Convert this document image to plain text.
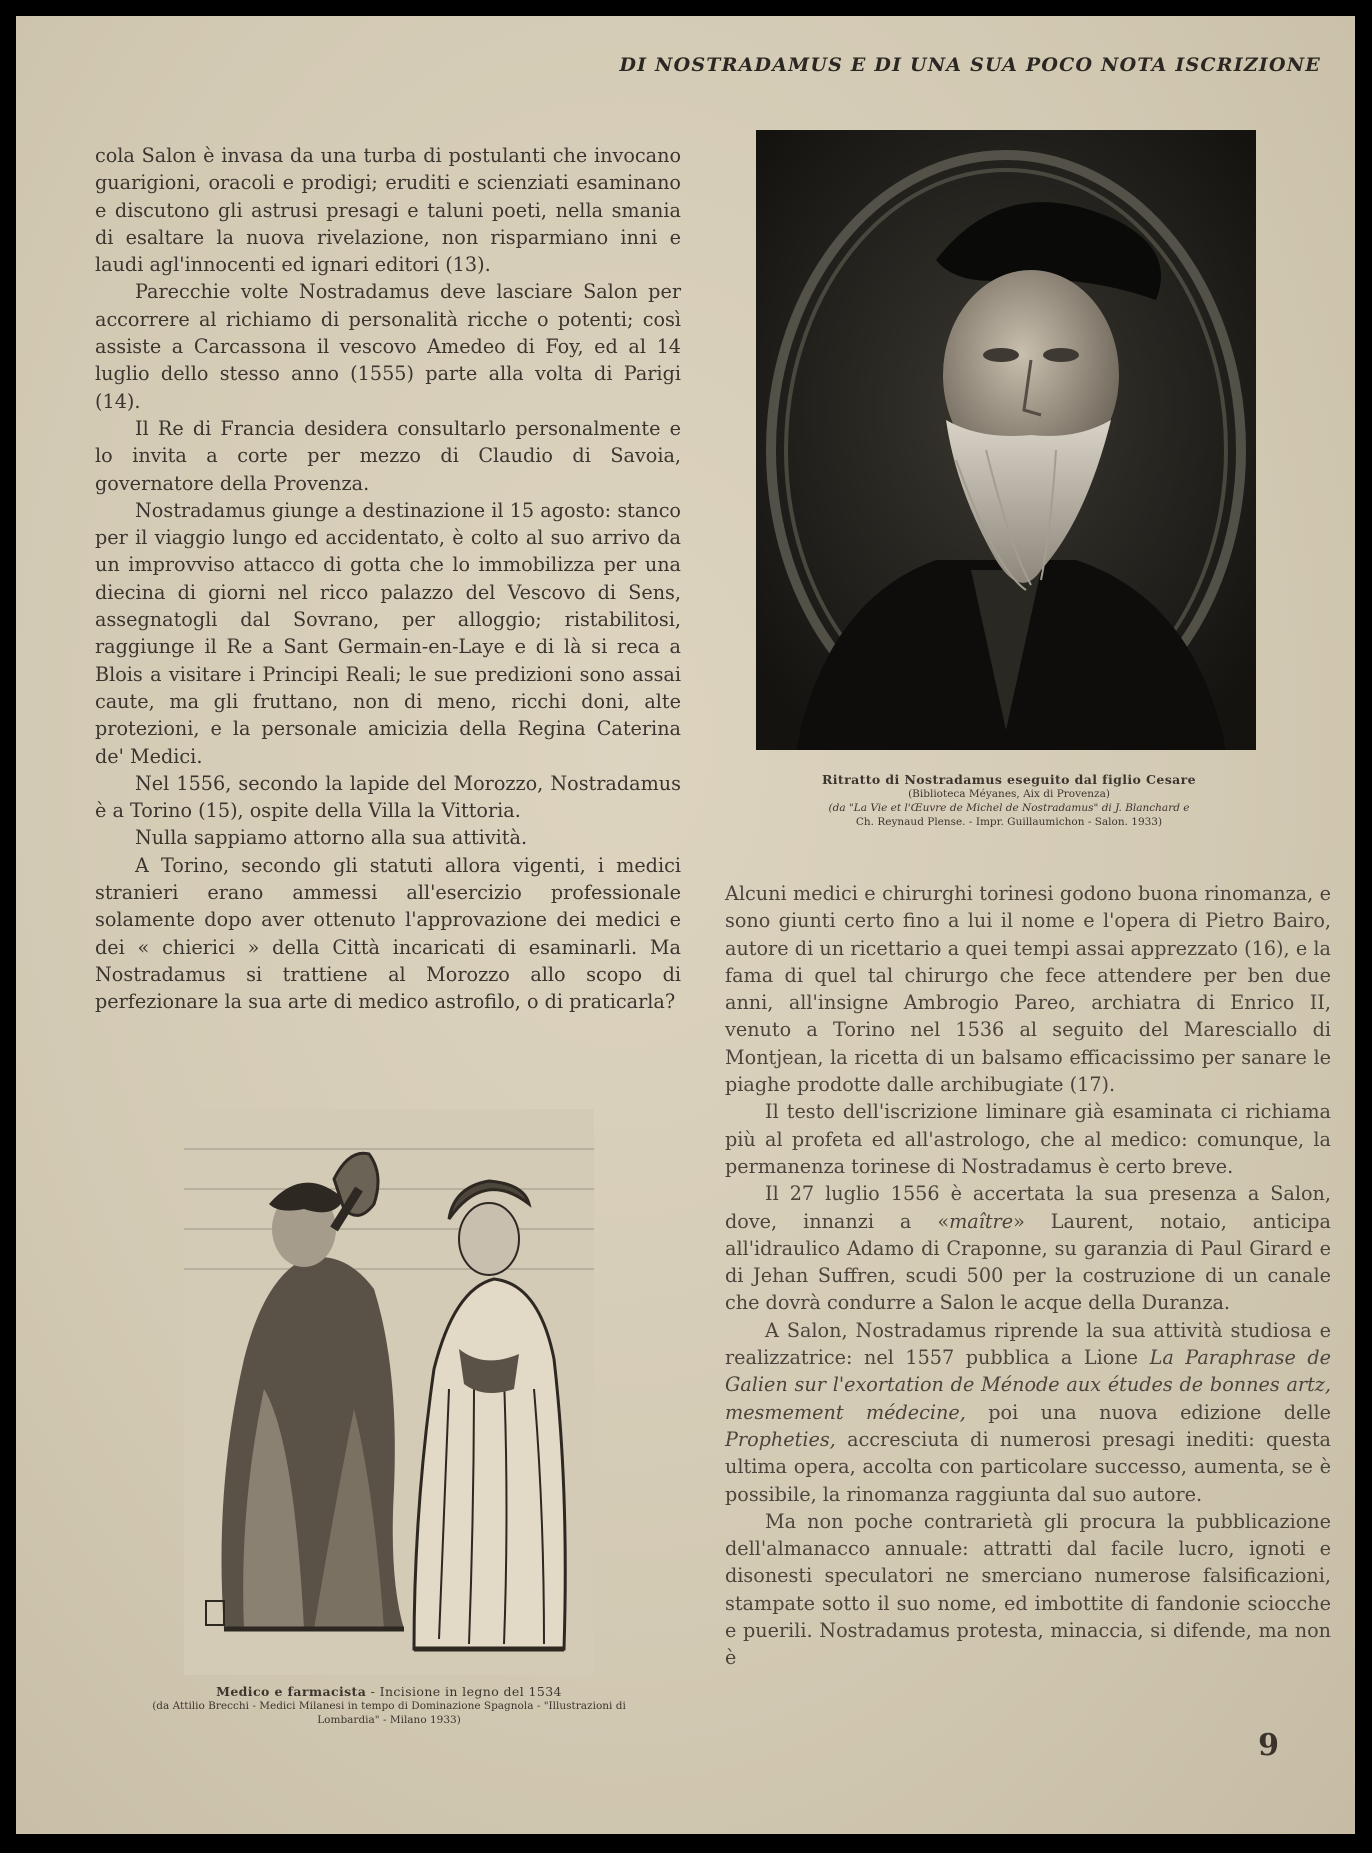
DI NOSTRADAMUS E DI UNA SUA POCO NOTA ISCRIZIONE

cola Salon è invasa da una turba di postulanti che invocano guarigioni, oracoli e prodigi; eruditi e scienziati esaminano e discutono gli astrusi presagi e taluni poeti, nella smania di esaltare la nuova rivelazione, non risparmiano inni e laudi agl'innocenti ed ignari editori (13).

Parecchie volte Nostradamus deve lasciare Salon per accorrere al richiamo di personalità ricche o potenti; così assiste a Carcassona il vescovo Amedeo di Foy, ed al 14 luglio dello stesso anno (1555) parte alla volta di Parigi (14).

Il Re di Francia desidera consultarlo personalmente e lo invita a corte per mezzo di Claudio di Savoia, governatore della Provenza.

Nostradamus giunge a destinazione il 15 agosto: stanco per il viaggio lungo ed accidentato, è colto al suo arrivo da un improvviso attacco di gotta che lo immobilizza per una diecina di giorni nel ricco palazzo del Vescovo di Sens, assegnatogli dal Sovrano, per alloggio; ristabilitosi, raggiunge il Re a Sant Germain-en-Laye e di là si reca a Blois a visitare i Principi Reali; le sue predizioni sono assai caute, ma gli fruttano, non di meno, ricchi doni, alte protezioni, e la personale amicizia della Regina Caterina de' Medici.

Nel 1556, secondo la lapide del Morozzo, Nostradamus è a Torino (15), ospite della Villa la Vittoria.

Nulla sappiamo attorno alla sua attività.

A Torino, secondo gli statuti allora vigenti, i medici stranieri erano ammessi all'esercizio professionale solamente dopo aver ottenuto l'approvazione dei medici e dei « chierici » della Città incaricati di esaminarli. Ma Nostradamus si trattiene al Morozzo allo scopo di perfezionare la sua arte di medico astrofilo, o di praticarla?

Ritratto di Nostradamus eseguito dal figlio Cesare
(Biblioteca Méyanes, Aix di Provenza)
(da "La Vie et l'Œuvre de Michel de Nostradamus" di J. Blanchard e
Ch. Reynaud Plense. - Impr. Guillaumichon - Salon. 1933)

Alcuni medici e chirurghi torinesi godono buona rinomanza, e sono giunti certo fino a lui il nome e l'opera di Pietro Bairo, autore di un ricettario a quei tempi assai apprezzato (16), e la fama di quel tal chirurgo che fece attendere per ben due anni, all'insigne Ambrogio Pareo, archiatra di Enrico II, venuto a Torino nel 1536 al seguito del Maresciallo di Montjean, la ricetta di un balsamo efficacissimo per sanare le piaghe prodotte dalle archibugiate (17).

Il testo dell'iscrizione liminare già esaminata ci richiama più al profeta ed all'astrologo, che al medico: comunque, la permanenza torinese di Nostradamus è certo breve.

Il 27 luglio 1556 è accertata la sua presenza a Salon, dove, innanzi a «maître» Laurent, notaio, anticipa all'idraulico Adamo di Craponne, su garanzia di Paul Girard e di Jehan Suffren, scudi 500 per la costruzione di un canale che dovrà condurre a Salon le acque della Duranza.

A Salon, Nostradamus riprende la sua attività studiosa e realizzatrice: nel 1557 pubblica a Lione La Paraphrase de Galien sur l'exortation de Ménode aux études de bonnes artz, mesmement médecine, poi una nuova edizione delle Propheties, accresciuta di numerosi presagi inediti: questa ultima opera, accolta con particolare successo, aumenta, se è possibile, la rinomanza raggiunta dal suo autore.

Ma non poche contrarietà gli procura la pubblicazione dell'almanacco annuale: attratti dal facile lucro, ignoti e disonesti speculatori ne smerciano numerose falsificazioni, stampate sotto il suo nome, ed imbottite di fandonie sciocche e puerili. Nostradamus protesta, minaccia, si difende, ma non è

Medico e farmacista - Incisione in legno del 1534
(da Attilio Brecchi - Medici Milanesi in tempo di Dominazione Spagnola - "Illustrazioni di Lombardia" - Milano 1933)
9
